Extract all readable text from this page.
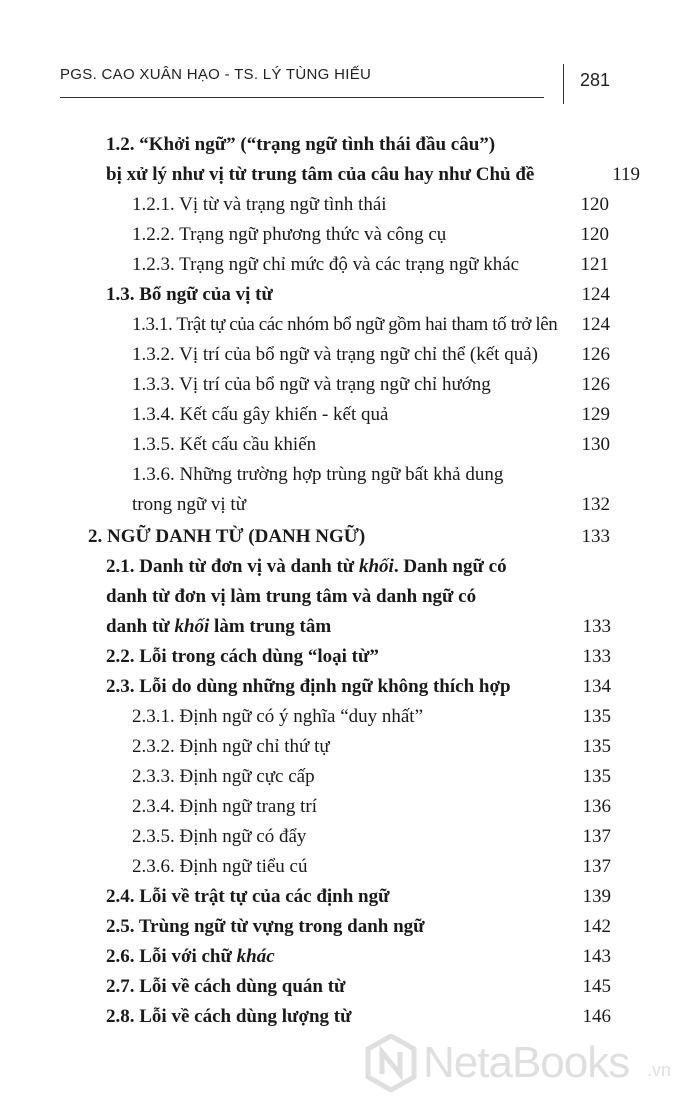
PGS. CAO XUÂN HẠO - TS. LÝ TÙNG HIẾU	281
1.2. “Khởi ngữ” (“trạng ngữ tình thái đầu câu”)
bị xử lý như vị từ trung tâm của câu hay như Chủ đề	119
1.2.1. Vị từ và trạng ngữ tình thái	120
1.2.2. Trạng ngữ phương thức và công cụ	120
1.2.3. Trạng ngữ chỉ mức độ và các trạng ngữ khác	121
1.3. Bổ ngữ của vị từ	124
1.3.1. Trật tự của các nhóm bổ ngữ gồm hai tham tố trở lên	124
1.3.2. Vị trí của bổ ngữ và trạng ngữ chỉ thể (kết quả)	126
1.3.3. Vị trí của bổ ngữ và trạng ngữ chỉ hướng	126
1.3.4. Kết cấu gây khiến - kết quả	129
1.3.5. Kết cấu cầu khiến	130
1.3.6. Những trường hợp trùng ngữ bất khả dung
trong ngữ vị từ	132
2. NGỮ DANH TỪ (DANH NGỮ)	133
2.1. Danh từ đơn vị và danh từ khối. Danh ngữ có
danh từ đơn vị làm trung tâm và danh ngữ có
danh từ khối làm trung tâm	133
2.2. Lỗi trong cách dùng “loại từ”	133
2.3. Lỗi do dùng những định ngữ không thích hợp	134
2.3.1. Định ngữ có ý nghĩa “duy nhất”	135
2.3.2. Định ngữ chỉ thứ tự	135
2.3.3. Định ngữ cực cấp	135
2.3.4. Định ngữ trang trí	136
2.3.5. Định ngữ có đẩy	137
2.3.6. Định ngữ tiểu cú	137
2.4. Lỗi về trật tự của các định ngữ	139
2.5. Trùng ngữ từ vựng trong danh ngữ	142
2.6. Lỗi với chữ khác	143
2.7. Lỗi về cách dùng quán từ	145
2.8. Lỗi về cách dùng lượng từ	146
NetaBooks .vn
